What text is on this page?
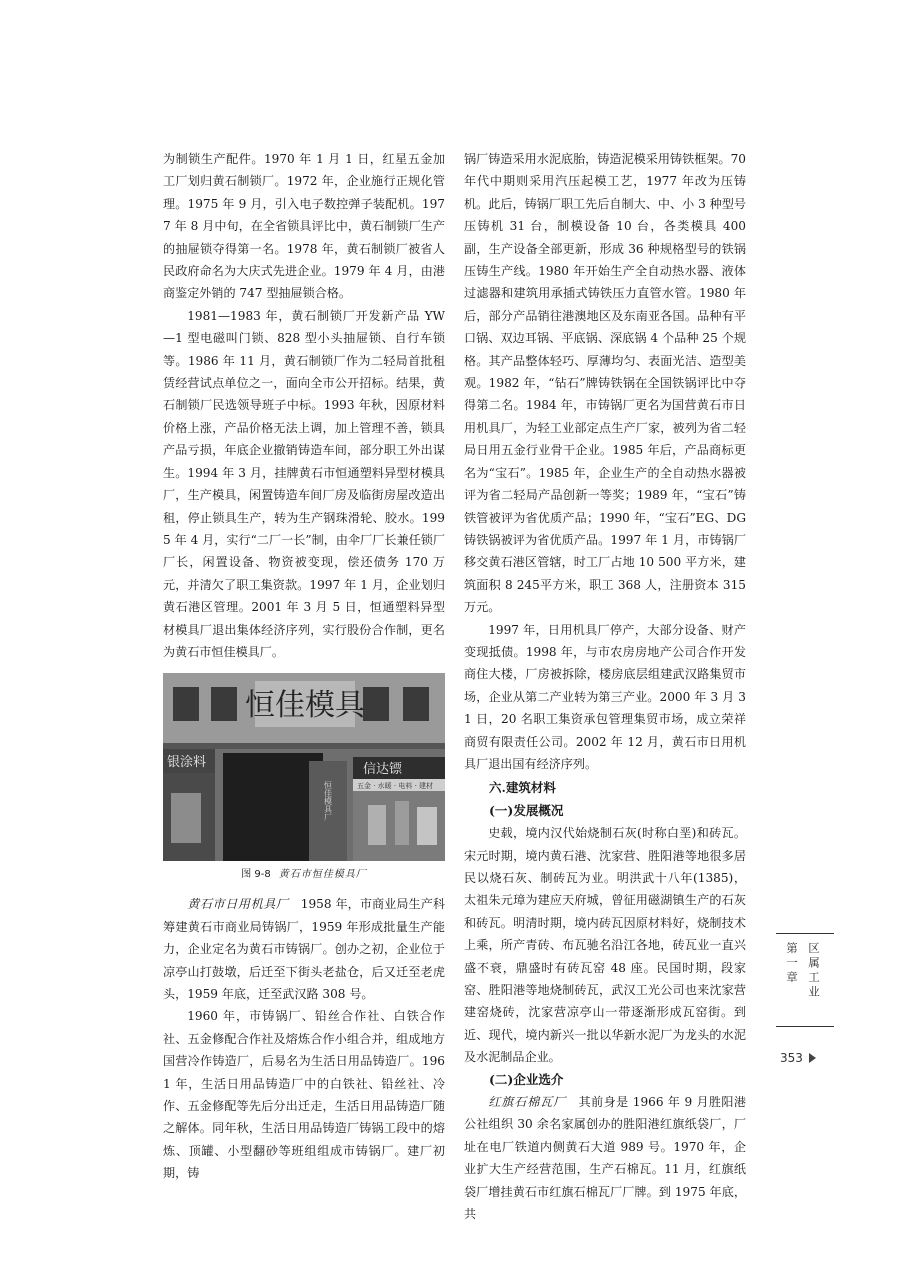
为制锁生产配件。1970 年 1 月 1 日，红星五金加工厂划归黄石制锁厂。1972 年，企业施行正规化管理。1975 年 9 月，引入电子数控弹子装配机。1977 年 8 月中旬，在全省锁具评比中，黄石制锁厂生产的抽屉锁夺得第一名。1978 年，黄石制锁厂被省人民政府命名为大庆式先进企业。1979 年 4 月，由港商鉴定外销的 747 型抽屉锁合格。

1981—1983 年，黄石制锁厂开发新产品 YW—1 型电磁叫门锁、828 型小头抽屉锁、自行车锁等。1986 年 11 月，黄石制锁厂作为二轻局首批租赁经营试点单位之一，面向全市公开招标。结果，黄石制锁厂民选领导班子中标。1993 年秋，因原材料价格上涨，产品价格无法上调，加上管理不善，锁具产品亏损，年底企业撤销铸造车间，部分职工外出谋生。1994 年 3 月，挂牌黄石市恒通塑料异型材模具厂，生产模具，闲置铸造车间厂房及临街房屋改造出租，停止锁具生产，转为生产钢珠滑轮、胶水。1995 年 4 月，实行“二厂一长”制，由伞厂厂长兼任锁厂厂长，闲置设备、物资被变现，偿还债务 170 万元，并清欠了职工集资款。1997 年 1 月，企业划归黄石港区管理。2001 年 3 月 5 日，恒通塑料异型材模具厂退出集体经济序列，实行股份合作制，更名为黄石市恒佳模具厂。

恒佳模具
银涂料
恒佳模具厂
信达镖
五金 · 水暖 · 电料 · 建材
图 9-8 黄石市恒佳模具厂

黄石市日用机具厂　 1958 年，市商业局生产科筹建黄石市商业局铸锅厂，1959 年形成批量生产能力，企业定名为黄石市铸锅厂。创办之初，企业位于凉亭山打鼓墩，后迁至下街头老盐仓，后又迁至老虎头，1959 年底，迁至武汉路 308 号。

1960 年，市铸锅厂、铅丝合作社、白铁合作社、五金修配合作社及熔炼合作小组合并，组成地方国营冷作铸造厂，后易名为生活日用品铸造厂。1961 年，生活日用品铸造厂中的白铁社、铅丝社、冷作、五金修配等先后分出迁走，生活日用品铸造厂随之解体。同年秋，生活日用品铸造厂铸锅工段中的熔炼、顶罐、小型翻砂等班组组成市铸锅厂。建厂初期，铸

锅厂铸造采用水泥底胎，铸造泥模采用铸铁框架。70 年代中期则采用汽压起模工艺，1977 年改为压铸机。此后，铸锅厂职工先后自制大、中、小 3 种型号压铸机 31 台，制模设备 10 台，各类模具 400 副，生产设备全部更新，形成 36 种规格型号的铁锅压铸生产线。1980 年开始生产全自动热水器、液体过滤器和建筑用承插式铸铁压力直管水管。1980 年后，部分产品销往港澳地区及东南亚各国。品种有平口锅、双边耳锅、平底锅、深底锅 4 个品种 25 个规格。其产品整体轻巧、厚薄均匀、表面光洁、造型美观。1982 年，“钻石”牌铸铁锅在全国铁锅评比中夺得第二名。1984 年，市铸锅厂更名为国营黄石市日用机具厂，为轻工业部定点生产厂家，被列为省二轻局日用五金行业骨干企业。1985 年后，产品商标更名为“宝石”。1985 年，企业生产的全自动热水器被评为省二轻局产品创新一等奖；1989 年，“宝石”铸铁管被评为省优质产品；1990 年，“宝石”EG、DG 铸铁锅被评为省优质产品。1997 年 1 月，市铸锅厂移交黄石港区管辖，时工厂占地 10 500 平方米，建筑面积 8 245平方米，职工 368 人，注册资本 315 万元。

1997 年，日用机具厂停产，大部分设备、财产变现抵债。1998 年，与市农房房地产公司合作开发商住大楼，厂房被拆除，楼房底层组建武汉路集贸市场，企业从第二产业转为第三产业。2000 年 3 月 31 日，20 名职工集资承包管理集贸市场，成立荣祥商贸有限责任公司。2002 年 12 月，黄石市日用机具厂退出国有经济序列。

六.建筑材料
(一)发展概况

史载，境内汉代始烧制石灰(时称白垩)和砖瓦。宋元时期，境内黄石港、沈家营、胜阳港等地很多居民以烧石灰、制砖瓦为业。明洪武十八年(1385)，太祖朱元璋为建应天府城，曾征用磁湖镇生产的石灰和砖瓦。明清时期，境内砖瓦因原材料好，烧制技术上乘，所产青砖、布瓦驰名沿江各地，砖瓦业一直兴盛不衰，鼎盛时有砖瓦窑 48 座。民国时期，段家窑、胜阳港等地烧制砖瓦，武汉工光公司也来沈家营建窑烧砖，沈家营凉亭山一带逐渐形成瓦窑街。到近、现代，境内新兴一批以华新水泥厂为龙头的水泥及水泥制品企业。

(二)企业选介

红旗石棉瓦厂　 其前身是 1966 年 9 月胜阳港公社组织 30 余名家属创办的胜阳港红旗纸袋厂，厂址在电厂铁道内侧黄石大道 989 号。1970 年，企业扩大生产经营范围，生产石棉瓦。11 月，红旗纸袋厂增挂黄石市红旗石棉瓦厂厂牌。到 1975 年底，共

第一章 区属工业
353
